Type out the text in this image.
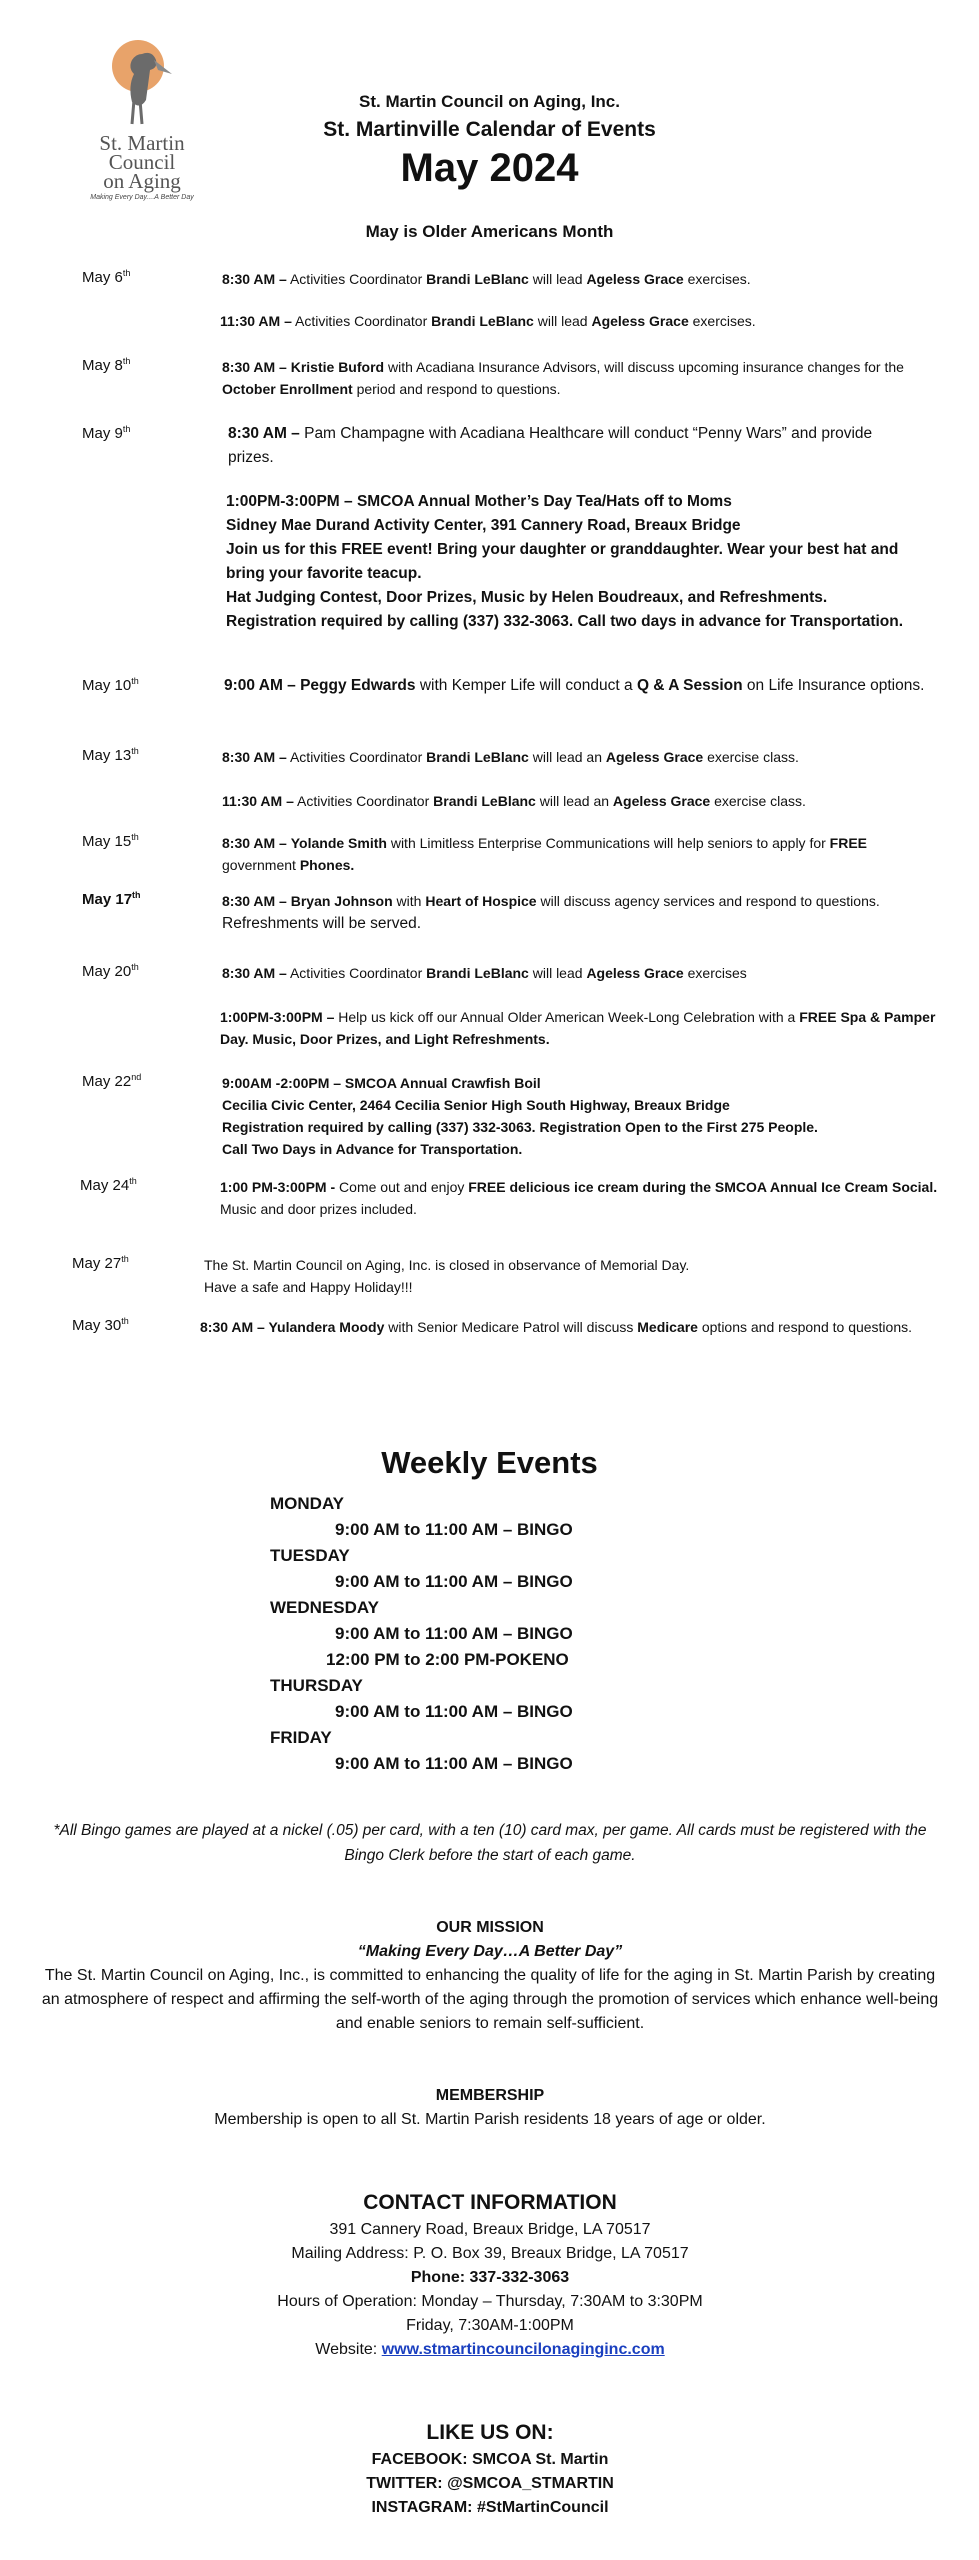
St. Martin
Council
on Aging
Making Every Day....A Better Day
St. Martin Council on Aging, Inc.
St. Martinville Calendar of Events
May 2024
May is Older Americans Month
May 6th	8:30 AM – Activities Coordinator Brandi LeBlanc will lead Ageless Grace exercises.
11:30 AM – Activities Coordinator Brandi LeBlanc will lead Ageless Grace exercises.
May 8th	8:30 AM – Kristie Buford with Acadiana Insurance Advisors, will discuss upcoming insurance changes for the October Enrollment period and respond to questions.
May 9th	8:30 AM – Pam Champagne with Acadiana Healthcare will conduct “Penny Wars” and provide prizes.
1:00PM-3:00PM – SMCOA Annual Mother’s Day Tea/Hats off to Moms
Sidney Mae Durand Activity Center, 391 Cannery Road, Breaux Bridge
Join us for this FREE event! Bring your daughter or granddaughter. Wear your best hat and bring your favorite teacup.
Hat Judging Contest, Door Prizes, Music by Helen Boudreaux, and Refreshments. Registration required by calling (337) 332-3063. Call two days in advance for Transportation.
May 10th	9:00 AM – Peggy Edwards with Kemper Life will conduct a Q & A Session on Life Insurance options.
May 13th	8:30 AM – Activities Coordinator Brandi LeBlanc will lead an Ageless Grace exercise class.
11:30 AM – Activities Coordinator Brandi LeBlanc will lead an Ageless Grace exercise class.
May 15th	8:30 AM – Yolande Smith with Limitless Enterprise Communications will help seniors to apply for FREE government Phones.
May 17th	8:30 AM – Bryan Johnson with Heart of Hospice will discuss agency services and respond to questions. Refreshments will be served.
May 20th	8:30 AM – Activities Coordinator Brandi LeBlanc will lead Ageless Grace exercises
1:00PM-3:00PM – Help us kick off our Annual Older American Week-Long Celebration with a FREE Spa & Pamper Day. Music, Door Prizes, and Light Refreshments.
May 22nd	9:00AM -2:00PM – SMCOA Annual Crawfish Boil
Cecilia Civic Center, 2464 Cecilia Senior High South Highway, Breaux Bridge
Registration required by calling (337) 332-3063. Registration Open to the First 275 People.
Call Two Days in Advance for Transportation.
May 24th	1:00 PM-3:00PM - Come out and enjoy FREE delicious ice cream during the SMCOA Annual Ice Cream Social. Music and door prizes included.
May 27th	The St. Martin Council on Aging, Inc. is closed in observance of Memorial Day.
Have a safe and Happy Holiday!!!
May 30th	8:30 AM – Yulandera Moody with Senior Medicare Patrol will discuss Medicare options and respond to questions.
Weekly Events
MONDAY
9:00 AM to 11:00 AM – BINGO
TUESDAY
9:00 AM to 11:00 AM – BINGO
WEDNESDAY
9:00 AM to 11:00 AM – BINGO
12:00 PM to 2:00 PM-POKENO
THURSDAY
9:00 AM to 11:00 AM – BINGO
FRIDAY
9:00 AM to 11:00 AM – BINGO
*All Bingo games are played at a nickel (.05) per card, with a ten (10) card max, per game. All cards must be registered with the Bingo Clerk before the start of each game.
OUR MISSION
“Making Every Day…A Better Day”
The St. Martin Council on Aging, Inc., is committed to enhancing the quality of life for the aging in St. Martin Parish by creating an atmosphere of respect and affirming the self-worth of the aging through the promotion of services which enhance well-being and enable seniors to remain self-sufficient.
MEMBERSHIP
Membership is open to all St. Martin Parish residents 18 years of age or older.
CONTACT INFORMATION
391 Cannery Road, Breaux Bridge, LA 70517
Mailing Address: P. O. Box 39, Breaux Bridge, LA 70517
Phone: 337-332-3063
Hours of Operation: Monday – Thursday, 7:30AM to 3:30PM
Friday, 7:30AM-1:00PM
Website: www.stmartincouncilonaginginc.com
LIKE US ON:
FACEBOOK: SMCOA St. Martin
TWITTER: @SMCOA_STMARTIN
INSTAGRAM: #StMartinCouncil
